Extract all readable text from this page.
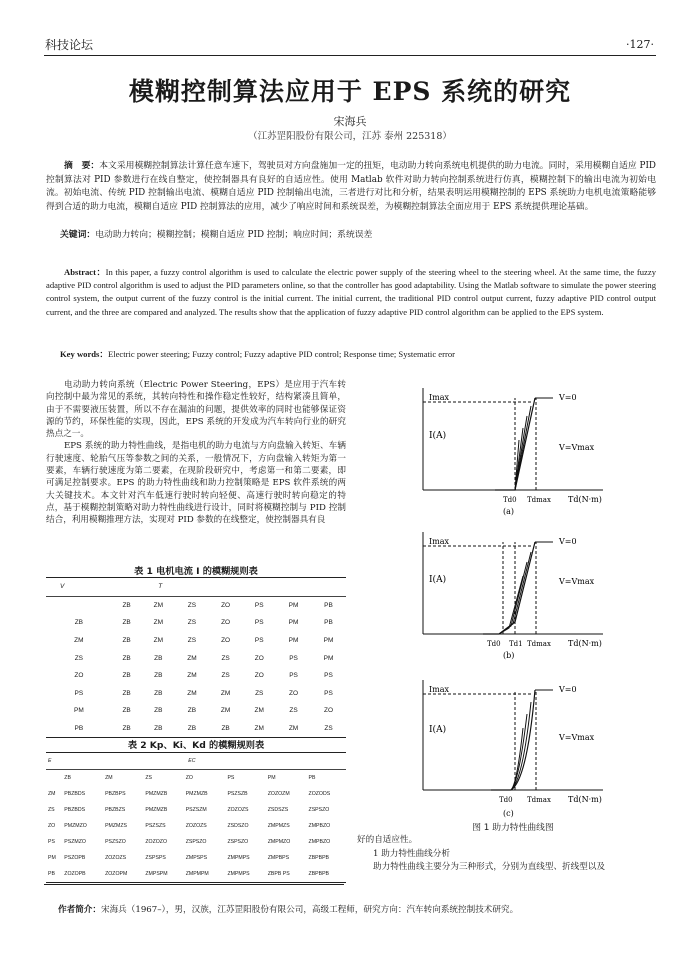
科技论坛	·127·
模糊控制算法应用于 EPS 系统的研究
宋海兵
（江苏罡阳股份有限公司，江苏 泰州 225318）
摘　要：本文采用模糊控制算法计算任意车速下，驾驶员对方向盘施加一定的扭矩，电动助力转向系统电机提供的助力电流。同时，采用模糊自适应 PID 控制算法对 PID 参数进行在线自整定，使控制器具有良好的自适应性。使用 Matlab 软件对助力转向控制系统进行仿真，模糊控制下的输出电流为初始电流。初始电流、传统 PID 控制输出电流、模糊自适应 PID 控制输出电流，三者进行对比和分析，结果表明运用模糊控制的 EPS 系统助力电机电流策略能够得到合适的助力电流，模糊自适应 PID 控制算法的应用，减少了响应时间和系统误差，为模糊控制算法全面应用于 EPS 系统提供理论基础。
关键词：电动助力转向；模糊控制；模糊自适应 PID 控制；响应时间；系统误差
Abstract：In this paper, a fuzzy control algorithm is used to calculate the electric power supply of the steering wheel to the steering wheel. At the same time, the fuzzy adaptive PID control algorithm is used to adjust the PID parameters online, so that the controller has good adaptability. Using the Matlab software to simulate the power steering control system, the output current of the fuzzy control is the initial current. The initial current, the traditional PID control output current, fuzzy adaptive PID control output current, and the three are compared and analyzed. The results show that the application of fuzzy adaptive PID control algorithm can be applied to the EPS system.
Key words：Electric power steering; Fuzzy control; Fuzzy adaptive PID control; Response time; Systematic error

电动助力转向系统（Electric Power Steering，EPS）是应用于汽车转向控制中最为常见的系统，其转向特性和操作稳定性较好，结构紧凑且简单，由于不需要液压装置，所以不存在漏油的问题，提供效率的同时也能够保证资源的节约，环保性能的实现，因此，EPS 系统的开发成为汽车转向行业的研究热点之一。

EPS 系统的助力特性曲线，是指电机的助力电流与方向盘输入转矩、车辆行驶速度、轮胎气压等参数之间的关系，一般情况下，方向盘输入转矩为第一要素，车辆行驶速度为第二要素，在现阶段研究中，考虑第一和第二要素，即可满足控制要求。EPS 的助力特性曲线和助力控制策略是 EPS 软件系统的两大关键技术。本文针对汽车低速行驶时转向轻便、高速行驶时转向稳定的特点，基于模糊控制策略对助力特性曲线进行设计，同时将模糊控制与 PID 控制结合，利用模糊推理方法，实现对 PID 参数的在线整定，使控制器具有良

表 1 电机电流 I 的模糊规则表
V	T						
	ZB	ZM	ZS	ZO	PS	PM	PB
ZB	ZB	ZM	ZS	ZO	PS	PM	PB
ZM	ZB	ZM	ZS	ZO	PS	PM	PM
ZS	ZB	ZB	ZM	ZS	ZO	PS	PM
ZO	ZB	ZB	ZM	ZS	ZO	PS	PS
PS	ZB	ZB	ZM	ZM	ZS	ZO	PS
PM	ZB	ZB	ZB	ZM	ZM	ZS	ZO
PB	ZB	ZB	ZB	ZB	ZM	ZM	ZS
表 2 Kp、Ki、Kd 的模糊规则表
E	EC						
	ZB	ZM	ZS	ZO	PS	PM	PB
ZM	PBZBDS	PBZBPS	PMZMZB	PMZMZB	PSZSZB	ZOZOZM	ZOZODS
ZS	PBZBDS	PBZBZS	PMZMZB	PSZSZM	ZOZOZS	ZSDSZS	ZSPSZO
ZO	PMZMZO	PMZMZS	PSZSZS	ZOZOZS	ZSDSZO	ZMPMZS	ZMPBZO
PS	PSZMZO	PSZSZO	ZOZOZO	ZSPSZO	ZSPSZO	ZMPMZO	ZMPBZO
PM	PSZOPB	ZOZOZS	ZSPSPS	ZMPSPS	ZMPMPS	ZMPBPS	ZBPBPB
PB	ZOZOPB	ZOZOPM	ZMPSPM	ZMPMPM	ZMPMPS	ZBPB PS	ZBPBPB
Imax
I(A)
V=0
V=Vmax
Td0 Tdmax Td(N·m)
(a)
Imax
I(A)
V=0
V=Vmax
Td0 Td1 Tdmax Td(N·m)
(b)
Imax
I(A)
V=0
V=Vmax
Td0 Tdmax Td(N·m)
(c)
图 1 助力特性曲线图
好的自适应性。
1 助力特性曲线分析
助力特性曲线主要分为三种形式，分别为直线型、折线型以及
作者简介：宋海兵（1967–），男，汉族，江苏罡阳股份有限公司，高级工程师，研究方向：汽车转向系统控制技术研究。
